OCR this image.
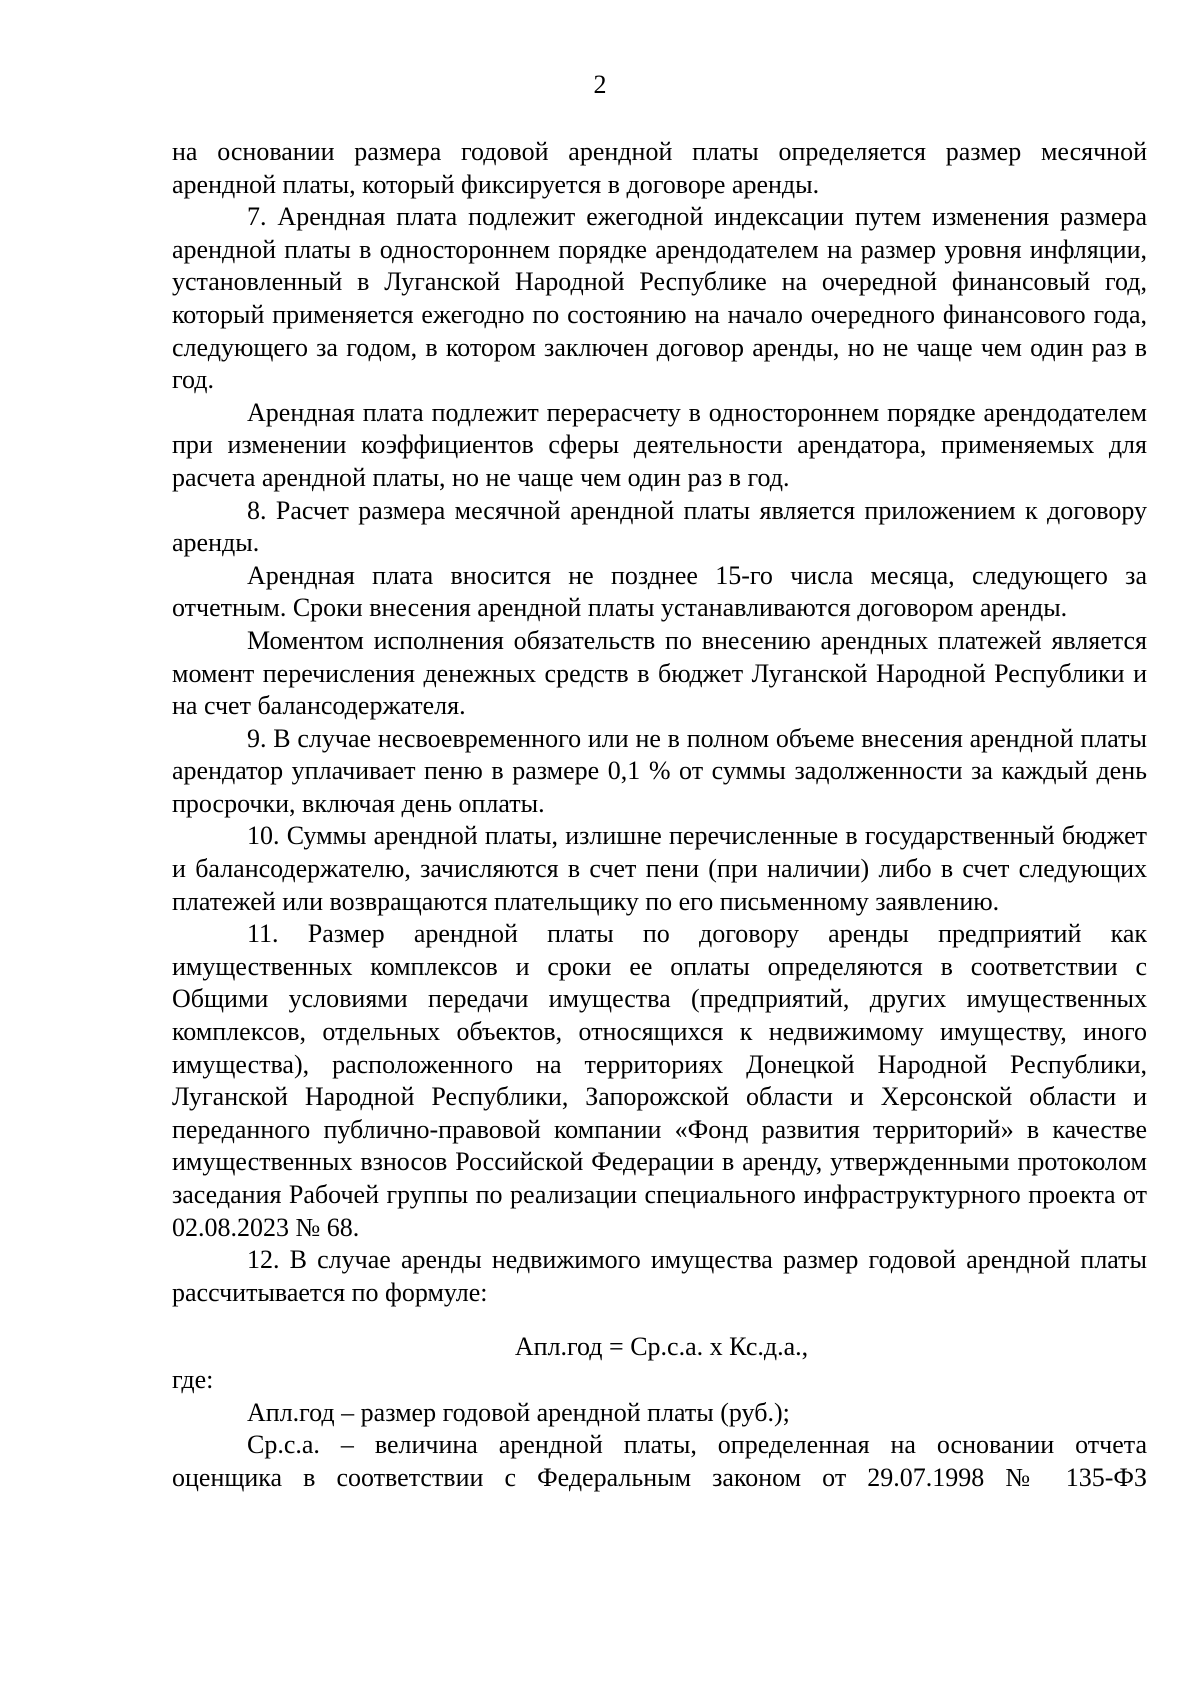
2

на основании размера годовой арендной платы определяется размер месячной арендной платы, который фиксируется в договоре аренды.

7. Арендная плата подлежит ежегодной индексации путем изменения размера арендной платы в одностороннем порядке арендодателем на размер уровня инфляции, установленный в Луганской Народной Республике на очередной финансовый год, который применяется ежегодно по состоянию на начало очередного финансового года, следующего за годом, в котором заключен договор аренды, но не чаще чем один раз в год.

Арендная плата подлежит перерасчету в одностороннем порядке арендодателем при изменении коэффициентов сферы деятельности арендатора, применяемых для расчета арендной платы, но не чаще чем один раз в год.

8. Расчет размера месячной арендной платы является приложением к договору аренды.

Арендная плата вносится не позднее 15-го числа месяца, следующего за отчетным. Сроки внесения арендной платы устанавливаются договором аренды.

Моментом исполнения обязательств по внесению арендных платежей является момент перечисления денежных средств в бюджет Луганской Народной Республики и на счет балансодержателя.

9. В случае несвоевременного или не в полном объеме внесения арендной платы арендатор уплачивает пеню в размере 0,1 % от суммы задолженности за каждый день просрочки, включая день оплаты.

10. Суммы арендной платы, излишне перечисленные в государственный бюджет и балансодержателю, зачисляются в счет пени (при наличии) либо в счет следующих платежей или возвращаются плательщику по его письменному заявлению.

11. Размер арендной платы по договору аренды предприятий как имущественных комплексов и сроки ее оплаты определяются в соответствии с Общими условиями передачи имущества (предприятий, других имущественных комплексов, отдельных объектов, относящихся к недвижимому имуществу, иного имущества), расположенного на территориях Донецкой Народной Республики, Луганской Народной Республики, Запорожской области и Херсонской области и переданного публично-правовой компании «Фонд развития территорий» в качестве имущественных взносов Российской Федерации в аренду, утвержденными протоколом заседания Рабочей группы по реализации специального инфраструктурного проекта от 02.08.2023 № 68.

12. В случае аренды недвижимого имущества размер годовой арендной платы рассчитывается по формуле:

Апл.год = Ср.с.а. х Кс.д.а.,

где:

Апл.год – размер годовой арендной платы (руб.);

Ср.с.а. – величина арендной платы, определенная на основании отчета оценщика в соответствии с Федеральным законом от 29.07.1998 № 135-ФЗ
